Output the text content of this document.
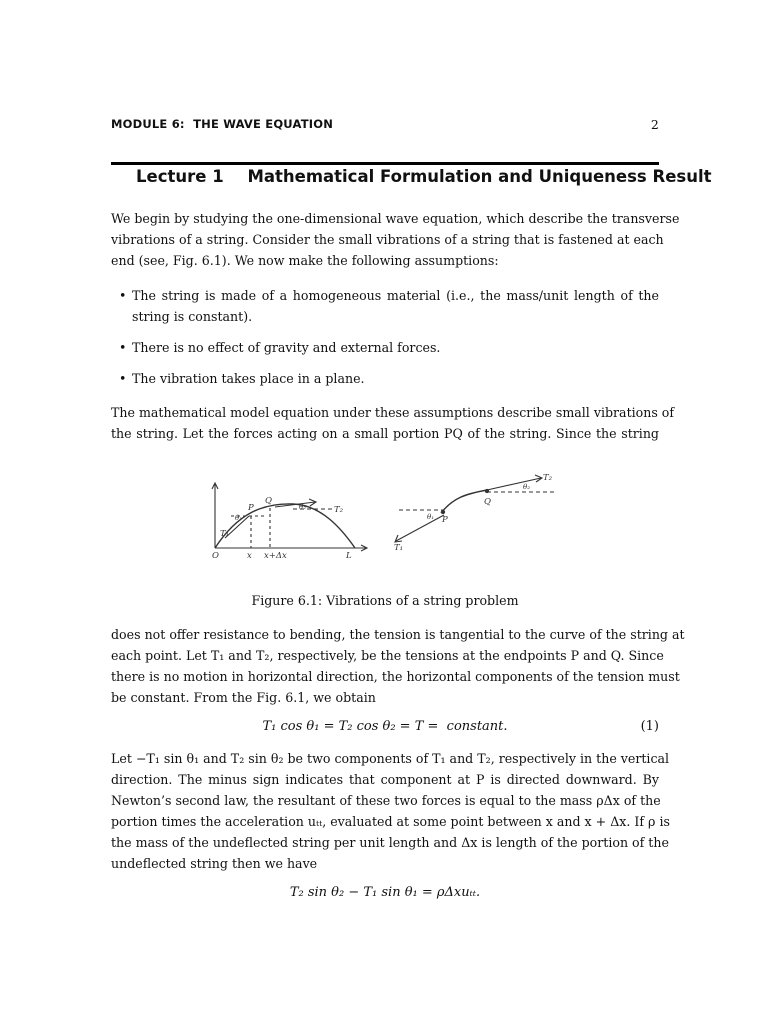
MODULE 6:  THE WAVE EQUATION	2
Lecture 1 Mathematical Formulation and Uniqueness Result
We begin by studying the one-dimensional wave equation, which describe the transverse
vibrations of a string. Consider the small vibrations of a string that is fastened at each
end (see, Fig. 6.1). We now make the following assumptions:
• The string is made of a homogeneous material (i.e., the mass/unit length of the
string is constant).
• There is no effect of gravity and external forces.
• The vibration takes place in a plane.
The mathematical model equation under these assumptions describe small vibrations of
the string. Let the forces acting on a small portion PQ of the string. Since the string
O	x x+Δx	L
P
Q
T₁
T₂
θ₁
θ₂
P
Q
T₁
T₂
θ₁
θ₂
Figure 6.1: Vibrations of a string problem
does not offer resistance to bending, the tension is tangential to the curve of the string at
each point. Let T₁ and T₂, respectively, be the tensions at the endpoints P and Q. Since
there is no motion in horizontal direction, the horizontal components of the tension must
be constant. From the Fig. 6.1, we obtain
T₁ cos θ₁ = T₂ cos θ₂ = T =  constant.	(1)
Let −T₁ sin θ₁ and T₂ sin θ₂ be two components of T₁ and T₂, respectively in the vertical
direction. The minus sign indicates that component at P is directed downward. By
Newton’s second law, the resultant of these two forces is equal to the mass ρΔx of the
portion times the acceleration uₜₜ, evaluated at some point between x and x + Δx. If ρ is
the mass of the undeflected string per unit length and Δx is length of the portion of the
undeflected string then we have
T₂ sin θ₂ − T₁ sin θ₁ = ρΔxuₜₜ.
